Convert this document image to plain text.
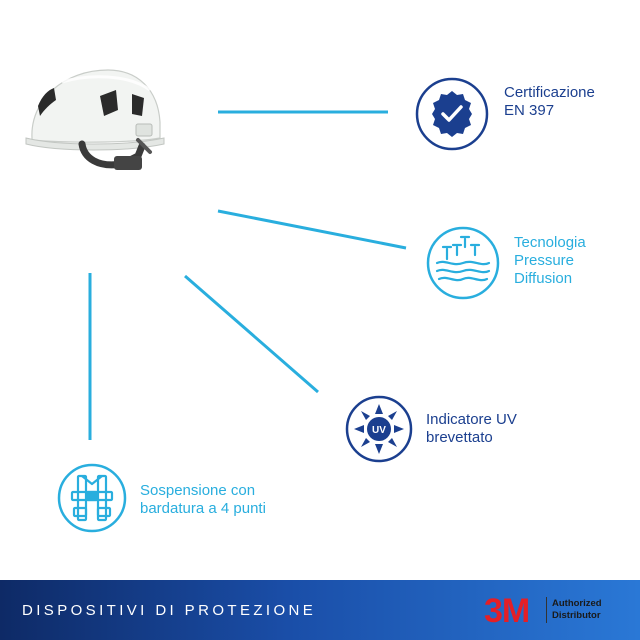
Certificazione
EN 397
Tecnologia
Pressure
Diffusion
UV
Indicatore UV
brevettato
Sospensione con
bardatura a 4 punti
DISPOSITIVI DI PROTEZIONE	3M Authorized
Distributor
